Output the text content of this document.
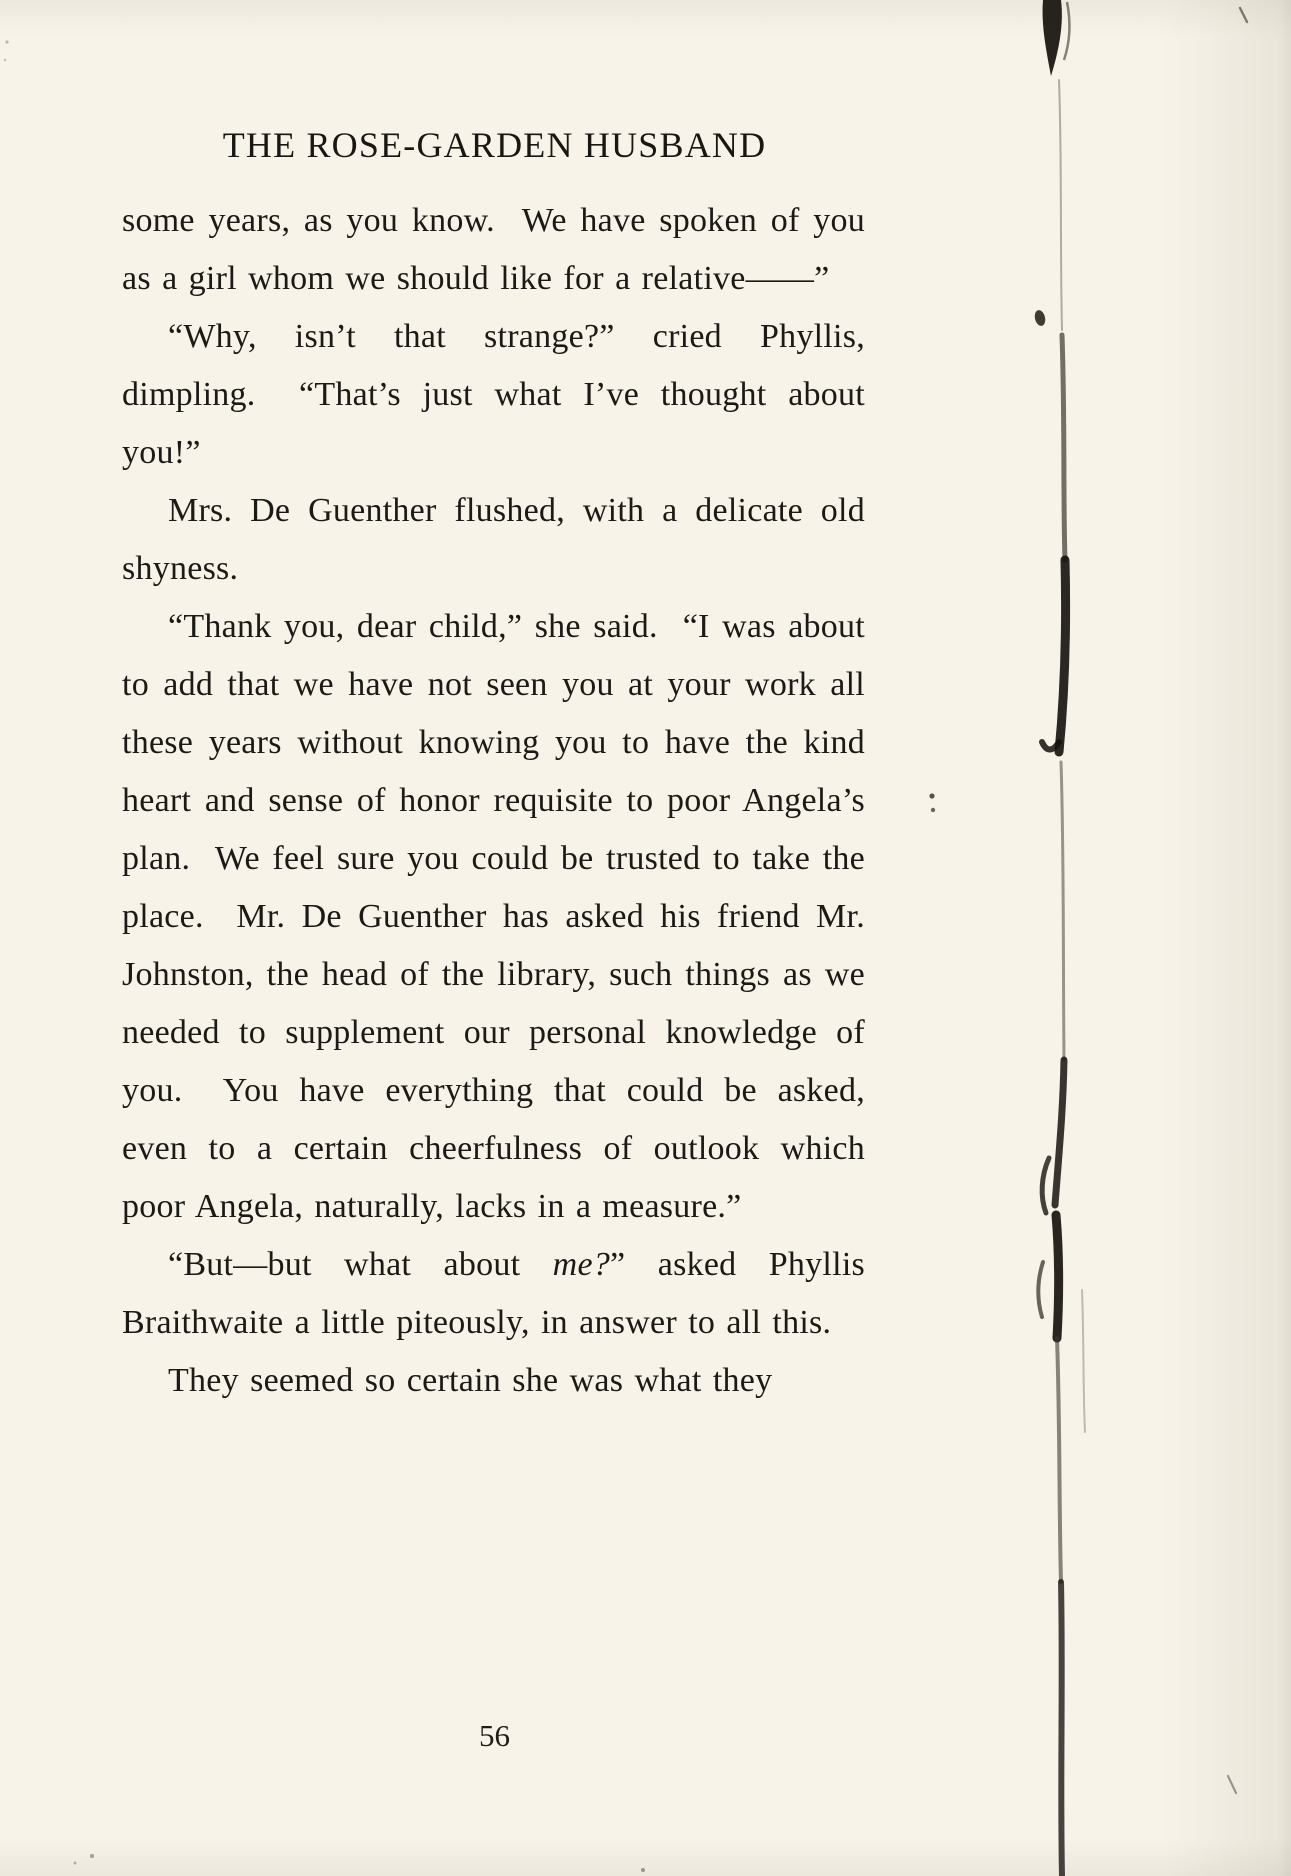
THE ROSE-GARDEN HUSBAND

some years, as you know.  We have spoken of you as a girl whom we should like for a relative——”

“Why, isn’t that strange?” cried Phyllis, dimpling.  “That’s just what I’ve thought about you!”

Mrs. De Guenther flushed, with a delicate old shyness.

“Thank you, dear child,” she said.  “I was about to add that we have not seen you at your work all these years without knowing you to have the kind heart and sense of honor requisite to poor Angela’s plan.  We feel sure you could be trusted to take the place.  Mr. De Guenther has asked his friend Mr. Johnston, the head of the library, such things as we needed to supplement our personal knowledge of you.  You have everything that could be asked, even to a certain cheerfulness of outlook which poor Angela, naturally, lacks in a measure.”

“But—but what about me?” asked Phyllis Braithwaite a little piteously, in answer to all this.

They seemed so certain she was what they

56
